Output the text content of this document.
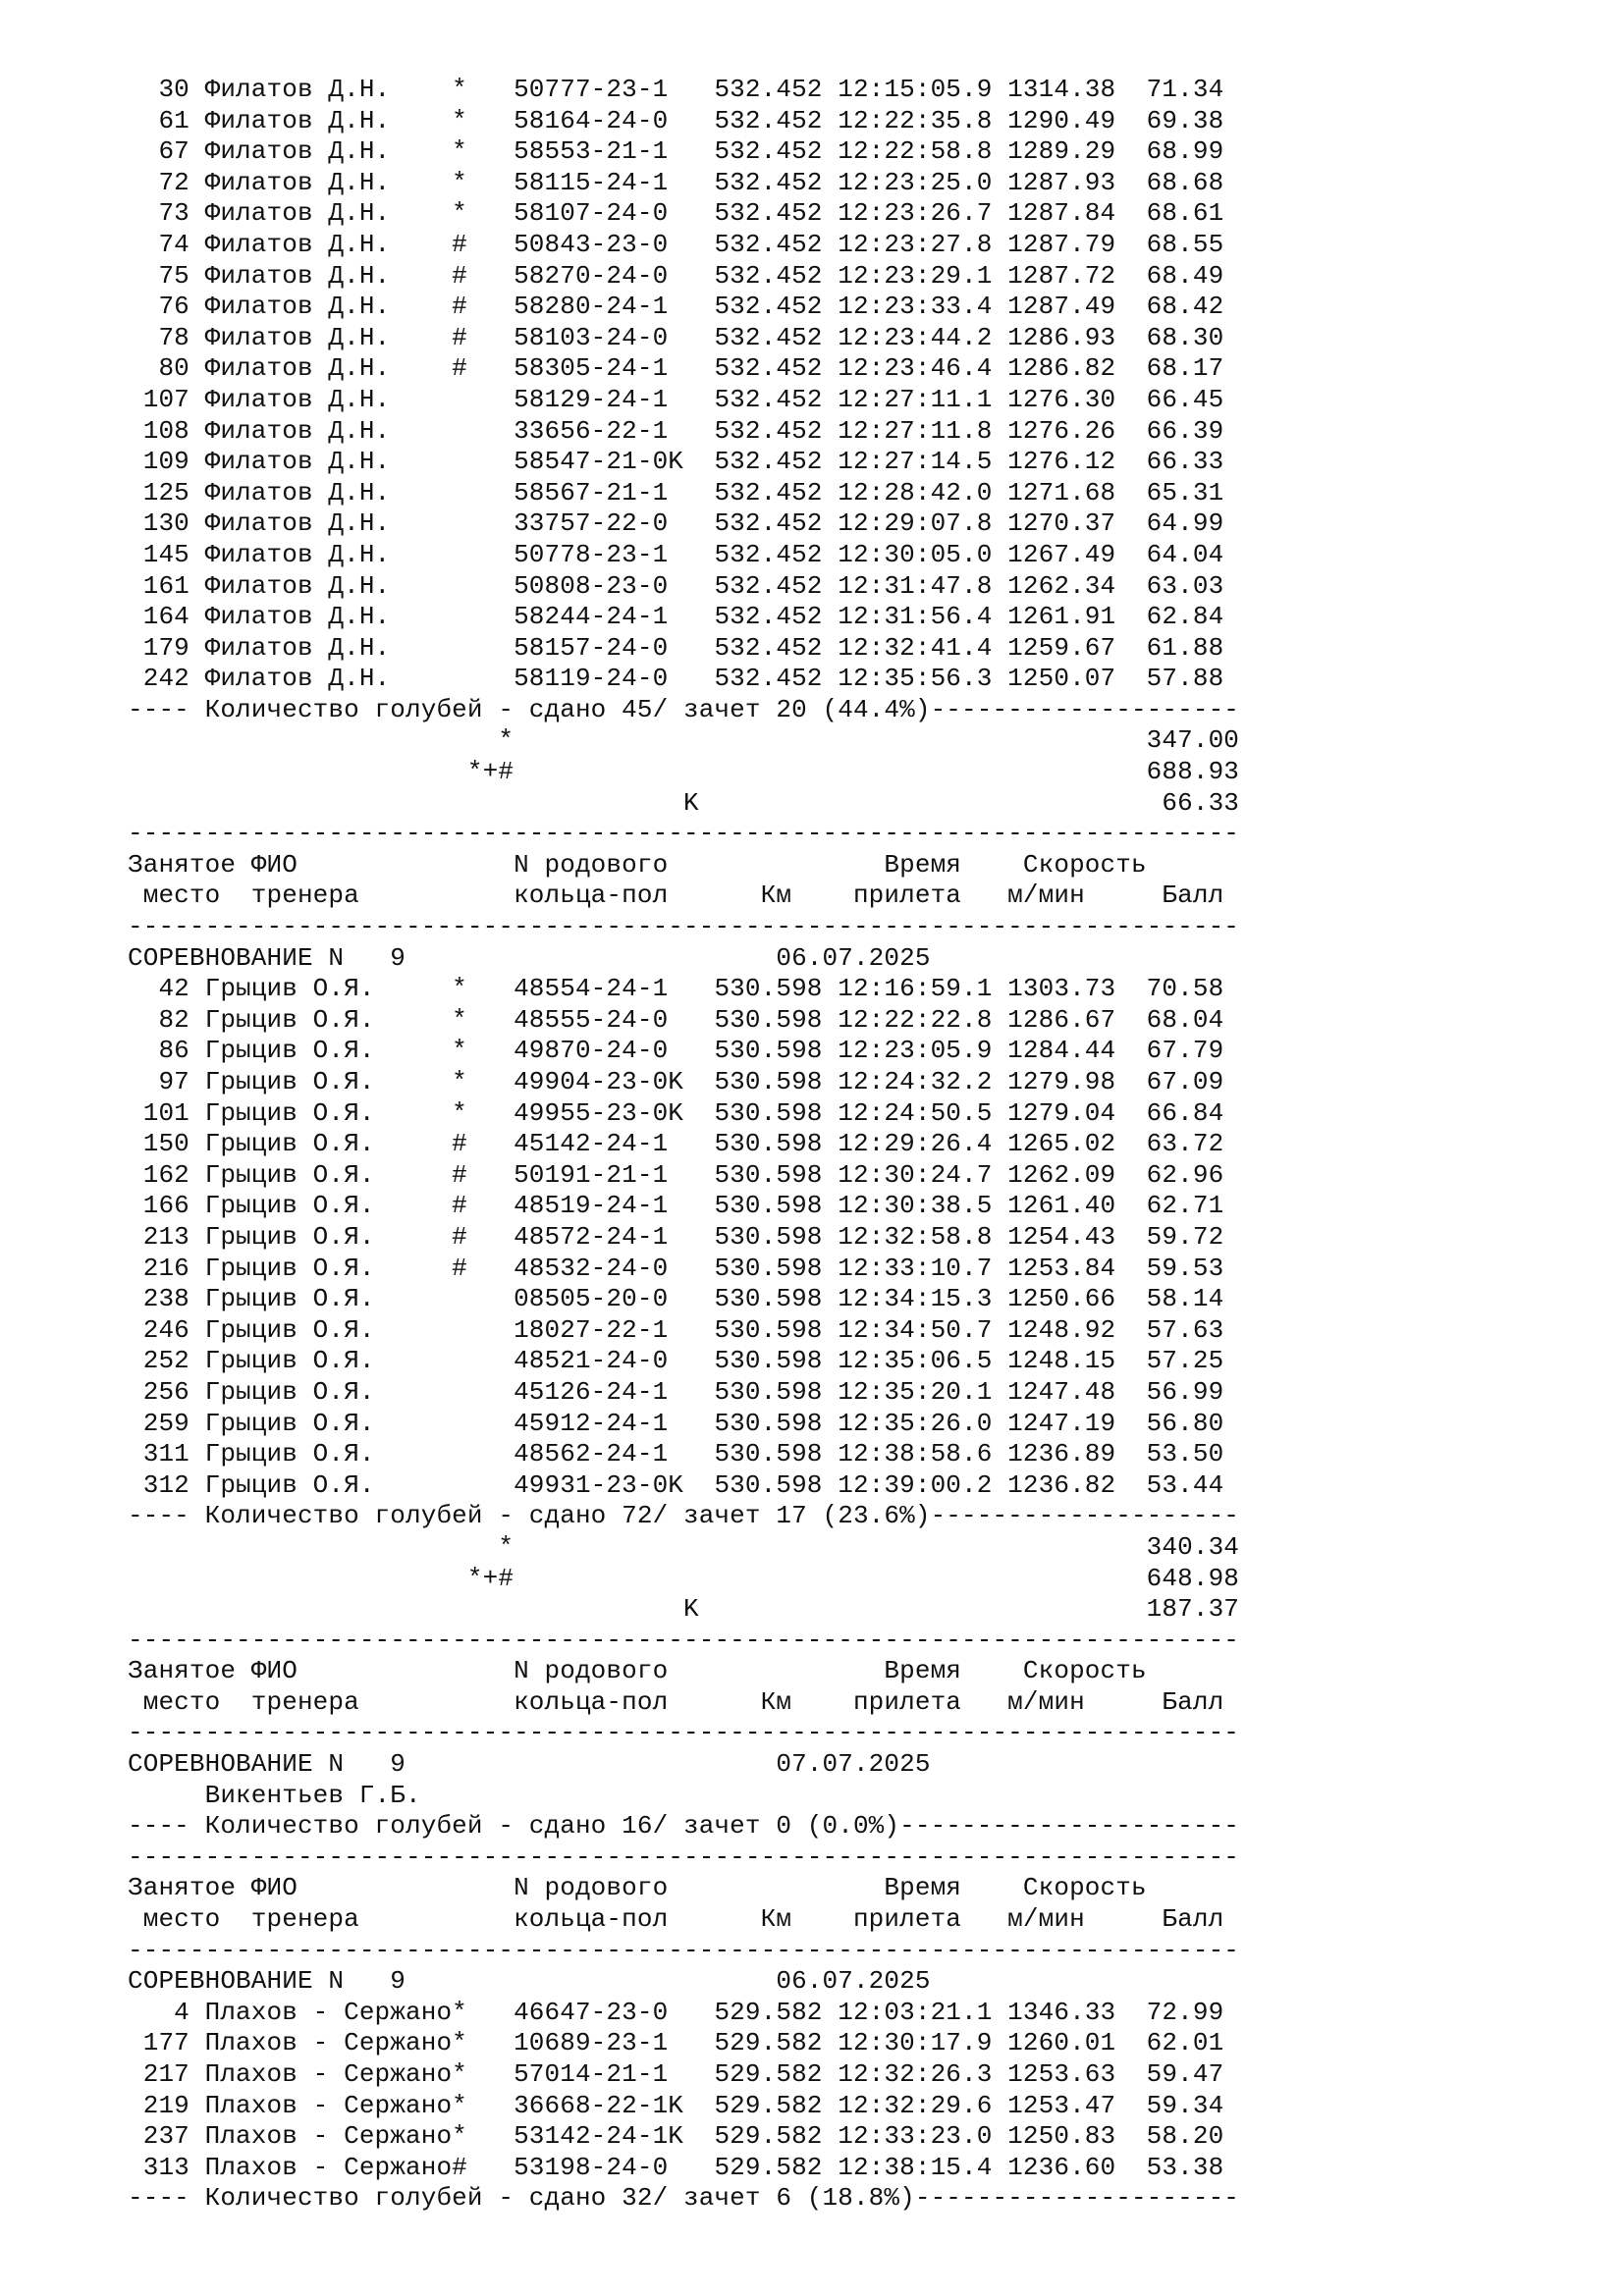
30 Филатов Д.Н.    *   50777-23-1   532.452 12:15:05.9 1314.38  71.34
61 Филатов Д.Н.    *   58164-24-0   532.452 12:22:35.8 1290.49  69.38
67 Филатов Д.Н.    *   58553-21-1   532.452 12:22:58.8 1289.29  68.99
72 Филатов Д.Н.    *   58115-24-1   532.452 12:23:25.0 1287.93  68.68
73 Филатов Д.Н.    *   58107-24-0   532.452 12:23:26.7 1287.84  68.61
74 Филатов Д.Н.    #   50843-23-0   532.452 12:23:27.8 1287.79  68.55
75 Филатов Д.Н.    #   58270-24-0   532.452 12:23:29.1 1287.72  68.49
76 Филатов Д.Н.    #   58280-24-1   532.452 12:23:33.4 1287.49  68.42
78 Филатов Д.Н.    #   58103-24-0   532.452 12:23:44.2 1286.93  68.30
80 Филатов Д.Н.    #   58305-24-1   532.452 12:23:46.4 1286.82  68.17
107 Филатов Д.Н.        58129-24-1   532.452 12:27:11.1 1276.30  66.45
108 Филатов Д.Н.        33656-22-1   532.452 12:27:11.8 1276.26  66.39
109 Филатов Д.Н.        58547-21-0K  532.452 12:27:14.5 1276.12  66.33
125 Филатов Д.Н.        58567-21-1   532.452 12:28:42.0 1271.68  65.31
130 Филатов Д.Н.        33757-22-0   532.452 12:29:07.8 1270.37  64.99
145 Филатов Д.Н.        50778-23-1   532.452 12:30:05.0 1267.49  64.04
161 Филатов Д.Н.        50808-23-0   532.452 12:31:47.8 1262.34  63.03
164 Филатов Д.Н.        58244-24-1   532.452 12:31:56.4 1261.91  62.84
179 Филатов Д.Н.        58157-24-0   532.452 12:32:41.4 1259.67  61.88
242 Филатов Д.Н.        58119-24-0   532.452 12:35:56.3 1250.07  57.88
---- Количество голубей - сдано 45/ зачет 20 (44.4%)--------------------
*                                         347.00
*+#                                         688.93
K                              66.33
------------------------------------------------------------------------
Занятое ФИО              N родового              Время    Скорость
место  тренера          кольца-пол      Км    прилета   м/мин     Балл
------------------------------------------------------------------------
СОРЕВНОВАНИЕ N   9                        06.07.2025
42 Грыцив О.Я.     *   48554-24-1   530.598 12:16:59.1 1303.73  70.58
82 Грыцив О.Я.     *   48555-24-0   530.598 12:22:22.8 1286.67  68.04
86 Грыцив О.Я.     *   49870-24-0   530.598 12:23:05.9 1284.44  67.79
97 Грыцив О.Я.     *   49904-23-0K  530.598 12:24:32.2 1279.98  67.09
101 Грыцив О.Я.     *   49955-23-0K  530.598 12:24:50.5 1279.04  66.84
150 Грыцив О.Я.     #   45142-24-1   530.598 12:29:26.4 1265.02  63.72
162 Грыцив О.Я.     #   50191-21-1   530.598 12:30:24.7 1262.09  62.96
166 Грыцив О.Я.     #   48519-24-1   530.598 12:30:38.5 1261.40  62.71
213 Грыцив О.Я.     #   48572-24-1   530.598 12:32:58.8 1254.43  59.72
216 Грыцив О.Я.     #   48532-24-0   530.598 12:33:10.7 1253.84  59.53
238 Грыцив О.Я.         08505-20-0   530.598 12:34:15.3 1250.66  58.14
246 Грыцив О.Я.         18027-22-1   530.598 12:34:50.7 1248.92  57.63
252 Грыцив О.Я.         48521-24-0   530.598 12:35:06.5 1248.15  57.25
256 Грыцив О.Я.         45126-24-1   530.598 12:35:20.1 1247.48  56.99
259 Грыцив О.Я.         45912-24-1   530.598 12:35:26.0 1247.19  56.80
311 Грыцив О.Я.         48562-24-1   530.598 12:38:58.6 1236.89  53.50
312 Грыцив О.Я.         49931-23-0K  530.598 12:39:00.2 1236.82  53.44
---- Количество голубей - сдано 72/ зачет 17 (23.6%)--------------------
*                                         340.34
*+#                                         648.98
K                             187.37
------------------------------------------------------------------------
Занятое ФИО              N родового              Время    Скорость
место  тренера          кольца-пол      Км    прилета   м/мин     Балл
------------------------------------------------------------------------
СОРЕВНОВАНИЕ N   9                        07.07.2025
Викентьев Г.Б.
---- Количество голубей - сдано 16/ зачет 0 (0.0%)----------------------
------------------------------------------------------------------------
Занятое ФИО              N родового              Время    Скорость
место  тренера          кольца-пол      Км    прилета   м/мин     Балл
------------------------------------------------------------------------
СОРЕВНОВАНИЕ N   9                        06.07.2025
4 Плахов - Сержано*   46647-23-0   529.582 12:03:21.1 1346.33  72.99
177 Плахов - Сержано*   10689-23-1   529.582 12:30:17.9 1260.01  62.01
217 Плахов - Сержано*   57014-21-1   529.582 12:32:26.3 1253.63  59.47
219 Плахов - Сержано*   36668-22-1K  529.582 12:32:29.6 1253.47  59.34
237 Плахов - Сержано*   53142-24-1K  529.582 12:33:23.0 1250.83  58.20
313 Плахов - Сержано#   53198-24-0   529.582 12:38:15.4 1236.60  53.38
---- Количество голубей - сдано 32/ зачет 6 (18.8%)---------------------
